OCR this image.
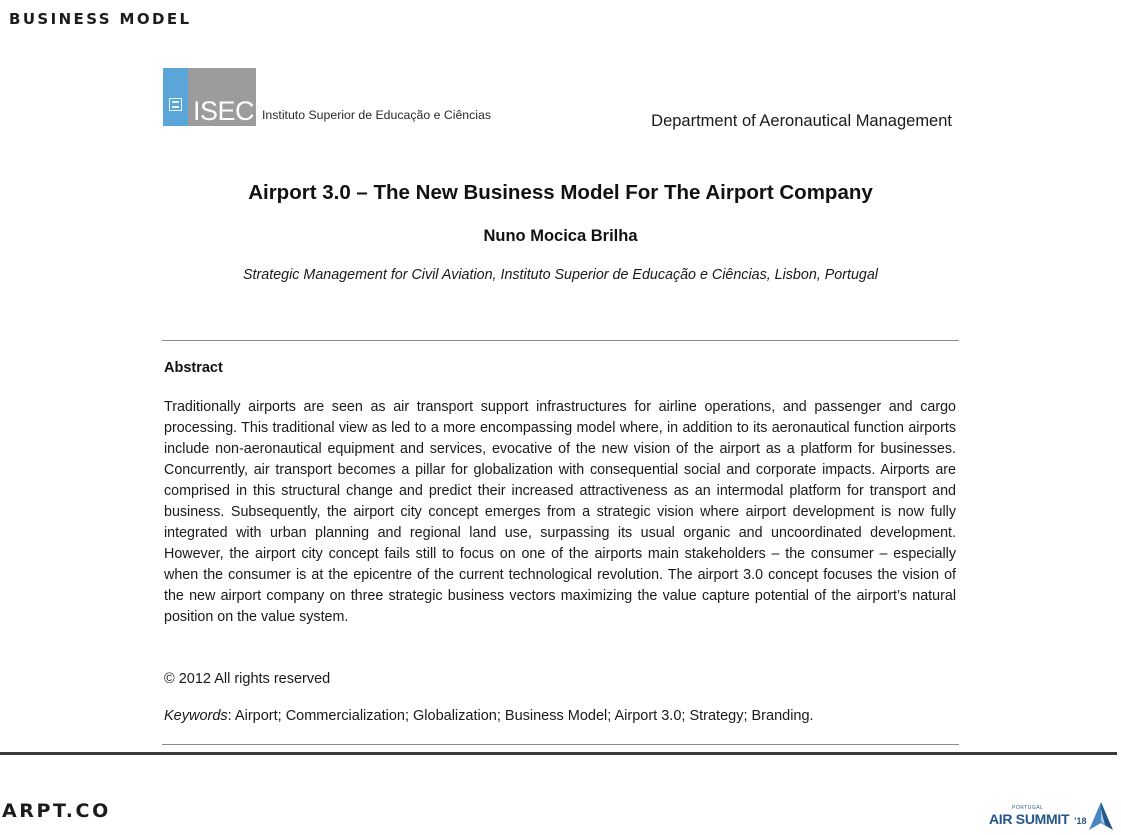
BUSINESS MODEL
ISEC Instituto Superior de Educação e Ciências	Department of Aeronautical Management
Airport 3.0 – The New Business Model For The Airport Company
Nuno Mocica Brilha
Strategic Management for Civil Aviation, Instituto Superior de Educação e Ciências, Lisbon, Portugal
Abstract

Traditionally airports are seen as air transport support infrastructures for airline operations, and passenger and cargo processing. This traditional view as led to a more encompassing model where, in addition to its aeronautical function airports include non-aeronautical equipment and services, evocative of the new vision of the airport as a platform for businesses. Concurrently, air transport becomes a pillar for globalization with consequential social and corporate impacts. Airports are comprised in this structural change and predict their increased attractiveness as an intermodal platform for transport and business. Subsequently, the airport city concept emerges from a strategic vision where airport development is now fully integrated with urban planning and regional land use, surpassing its usual organic and uncoordinated development. However, the airport city concept fails still to focus on one of the airports main stakeholders – the consumer – especially when the consumer is at the epicentre of the current technological revolution. The airport 3.0 concept focuses the vision of the new airport company on three strategic business vectors maximizing the value capture potential of the airport’s natural position on the value system.

© 2012 All rights reserved
Keywords: Airport; Commercialization; Globalization; Business Model; Airport 3.0; Strategy; Branding.
ARPT.CO	PORTUGAL
AIR SUMMIT ’18
